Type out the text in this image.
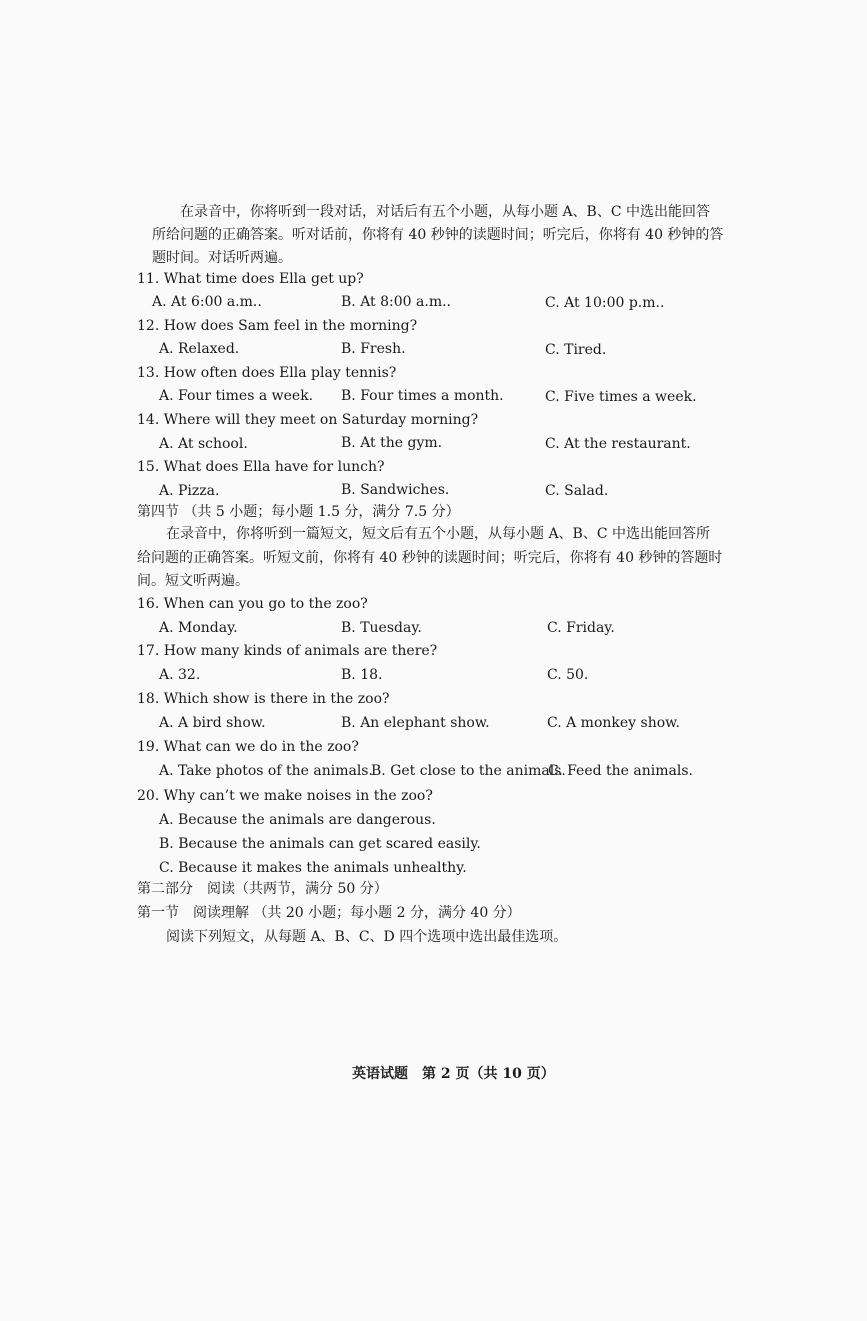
在录音中，你将听到一段对话，对话后有五个小题，从每小题 A、B、C 中选出能回答
所给问题的正确答案。听对话前，你将有 40 秒钟的读题时间；听完后，你将有 40 秒钟的答
题时间。对话听两遍。
11. What time does Ella get up?
A. At 6:00 a.m..	B. At 8:00 a.m..	C. At 10:00 p.m..
12. How does Sam feel in the morning?
A. Relaxed.	B. Fresh.	C. Tired.
13. How often does Ella play tennis?
A. Four times a week. B. Four times a month.	C. Five times a week.
14. Where will they meet on Saturday morning?
A. At school.	B. At the gym.	C. At the restaurant.
15. What does Ella have for lunch?
A. Pizza.	B. Sandwiches.	C. Salad.
第四节 （共 5 小题；每小题 1.5 分，满分 7.5 分）
在录音中，你将听到一篇短文，短文后有五个小题，从每小题 A、B、C 中选出能回答所
给问题的正确答案。听短文前，你将有 40 秒钟的读题时间；听完后，你将有 40 秒钟的答题时
间。短文听两遍。
16. When can you go to the zoo?
A. Monday.	B. Tuesday.	C. Friday.
17. How many kinds of animals are there?
A. 32.	B. 18.	C. 50.
18. Which show is there in the zoo?
A. A bird show.	B. An elephant show.	C. A monkey show.
19. What can we do in the zoo?
A. Take photos of the animals.
B. Get close to the animals.
C. Feed the animals.
20. Why can’t we make noises in the zoo?
A. Because the animals are dangerous.
B. Because the animals can get scared easily.
C. Because it makes the animals unhealthy.
第二部分　阅读（共两节，满分 50 分）
第一节　阅读理解 （共 20 小题；每小题 2 分，满分 40 分）
阅读下列短文，从每题 A、B、C、D 四个选项中选出最佳选项。
英语试题　第 2 页（共 10 页）
